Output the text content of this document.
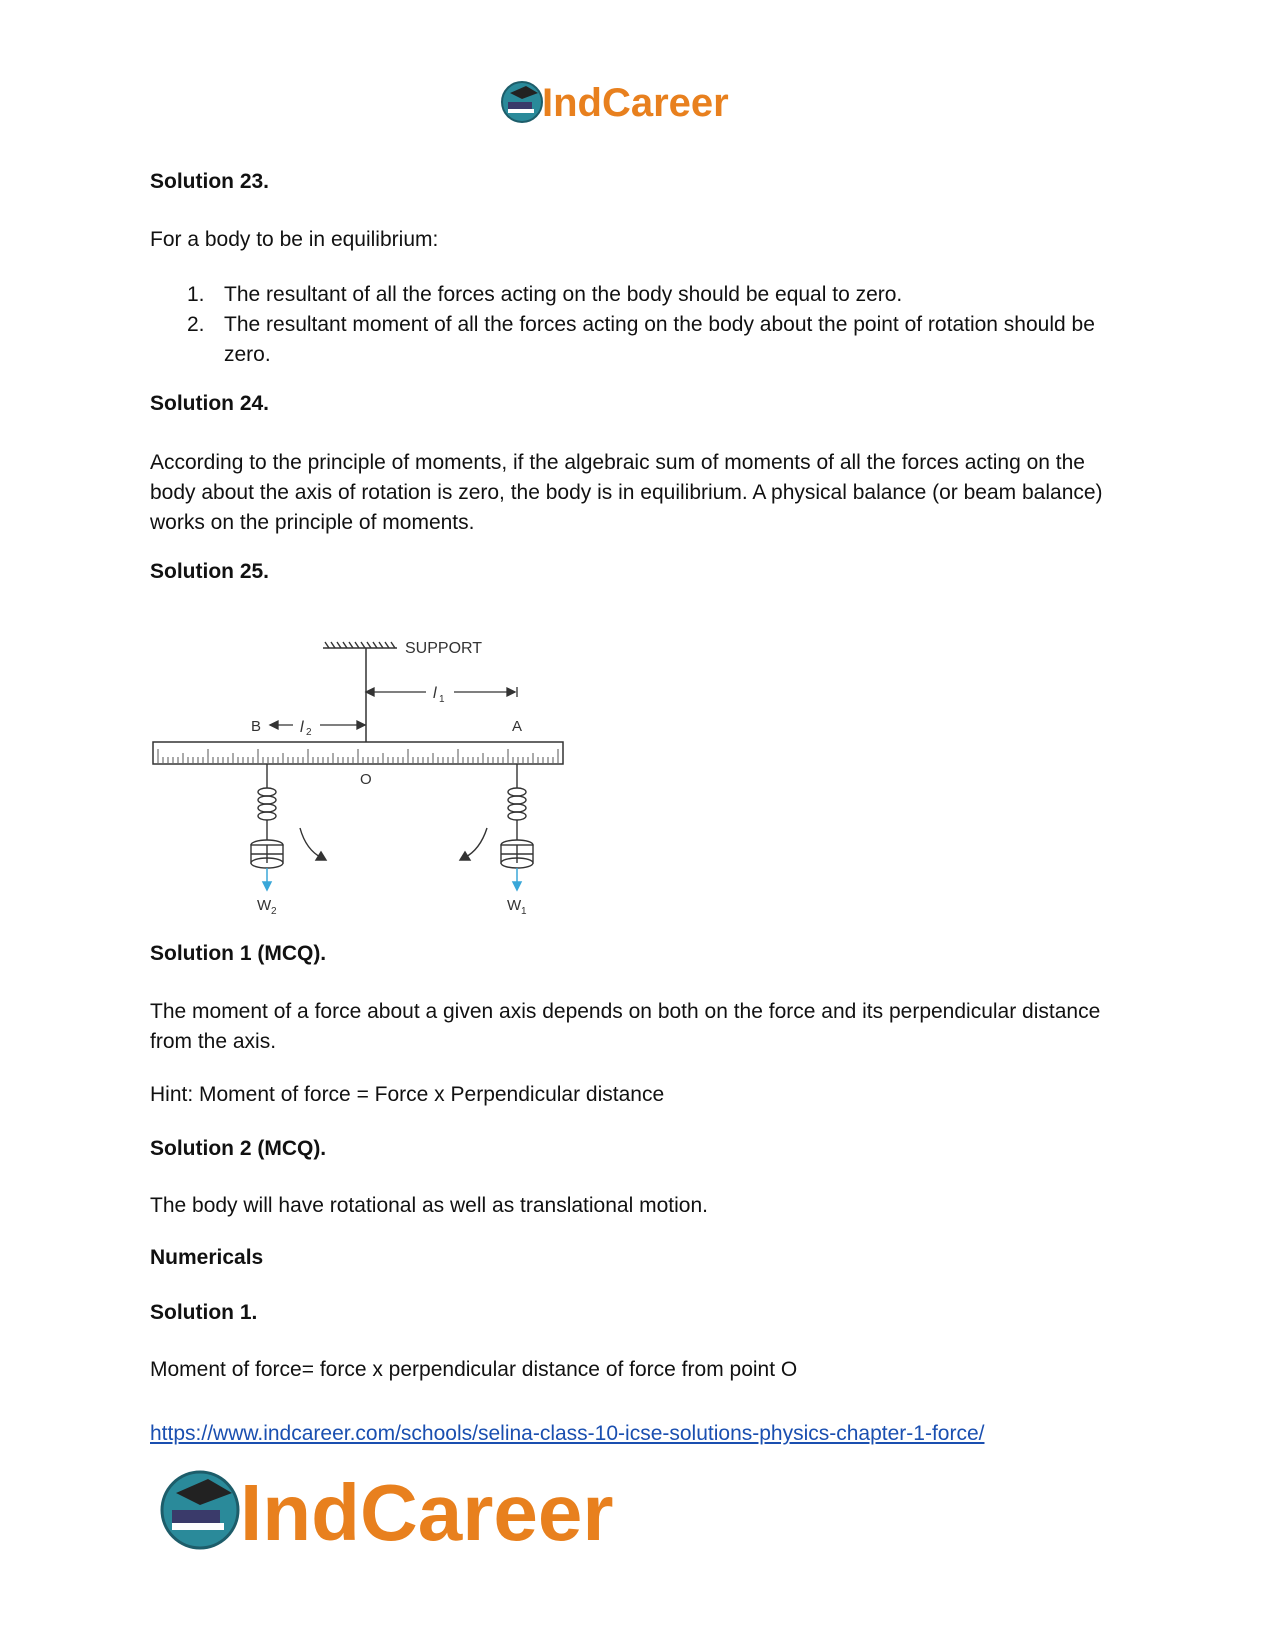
IndCareer

Solution 23.

For a body to be in equilibrium:

1. The resultant of all the forces acting on the body should be equal to zero.
2. The resultant moment of all the forces acting on the body about the point of rotation should be zero.

Solution 24.

According to the principle of moments, if the algebraic sum of moments of all the forces acting on the body about the axis of rotation is zero, the body is in equilibrium. A physical balance (or beam balance) works on the principle of moments.

Solution 25.

SUPPORT
l 1
l 2
B	A
O
W 2	W 1

Solution 1 (MCQ).

The moment of a force about a given axis depends on both on the force and its perpendicular distance from the axis.

Hint: Moment of force = Force x Perpendicular distance

Solution 2 (MCQ).

The body will have rotational as well as translational motion.

Numericals

Solution 1.

Moment of force= force x perpendicular distance of force from point O

https://www.indcareer.com/schools/selina-class-10-icse-solutions-physics-chapter-1-force/
IndCareer
